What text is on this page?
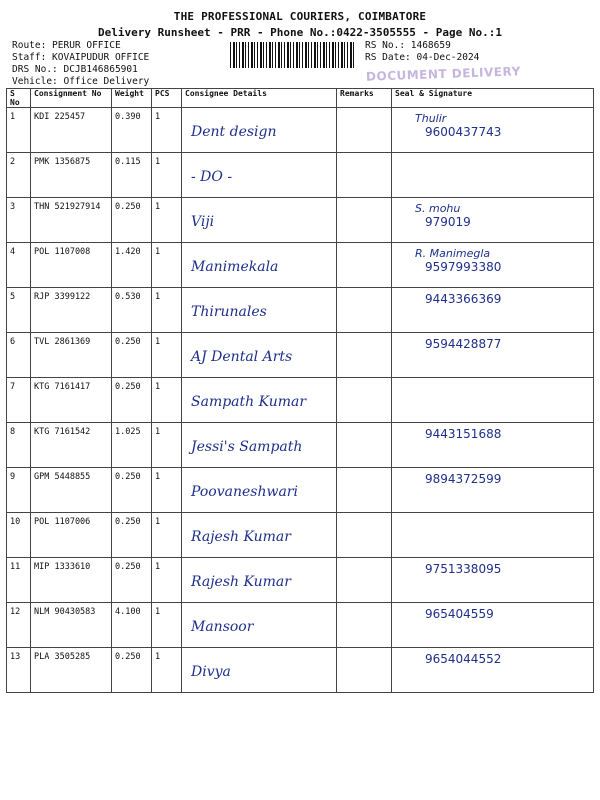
THE PROFESSIONAL COURIERS, COIMBATORE
Delivery Runsheet - PRR - Phone No.:0422-3505555 - Page No.:1
Route: PERUR OFFICE
Staff: KOVAIPUDUR OFFICE
DRS No.: DCJB146865901
Vehicle: Office Delivery
RS No.: 1468659
RS Date: 04-Dec-2024
DOCUMENT DELIVERY
S No	Consignment No	Weight	PCS	Consignee Details	Remarks	Seal & Signature
1	KDI 225457	0.390	1	Dent design		Thulir
9600437743

2	PMK 1356875	0.115	1	- DO -		

3	THN 521927914	0.250	1	Viji		S. mohu
979019

4	POL 1107008	1.420	1	Manimekala		R. Manimegla
9597993380

5	RJP 3399122	0.530	1	Thirunales		9443366369

6	TVL 2861369	0.250	1	AJ Dental Arts		9594428877

7	KTG 7161417	0.250	1	Sampath Kumar		

8	KTG 7161542	1.025	1	Jessi's Sampath		9443151688

9	GPM 5448855	0.250	1	Poovaneshwari		9894372599

10	POL 1107006	0.250	1	Rajesh Kumar		

11	MIP 1333610	0.250	1	Rajesh Kumar		9751338095

12	NLM 90430583	4.100	1	Mansoor		965404559

13	PLA 3505285	0.250	1	Divya		9654044552
